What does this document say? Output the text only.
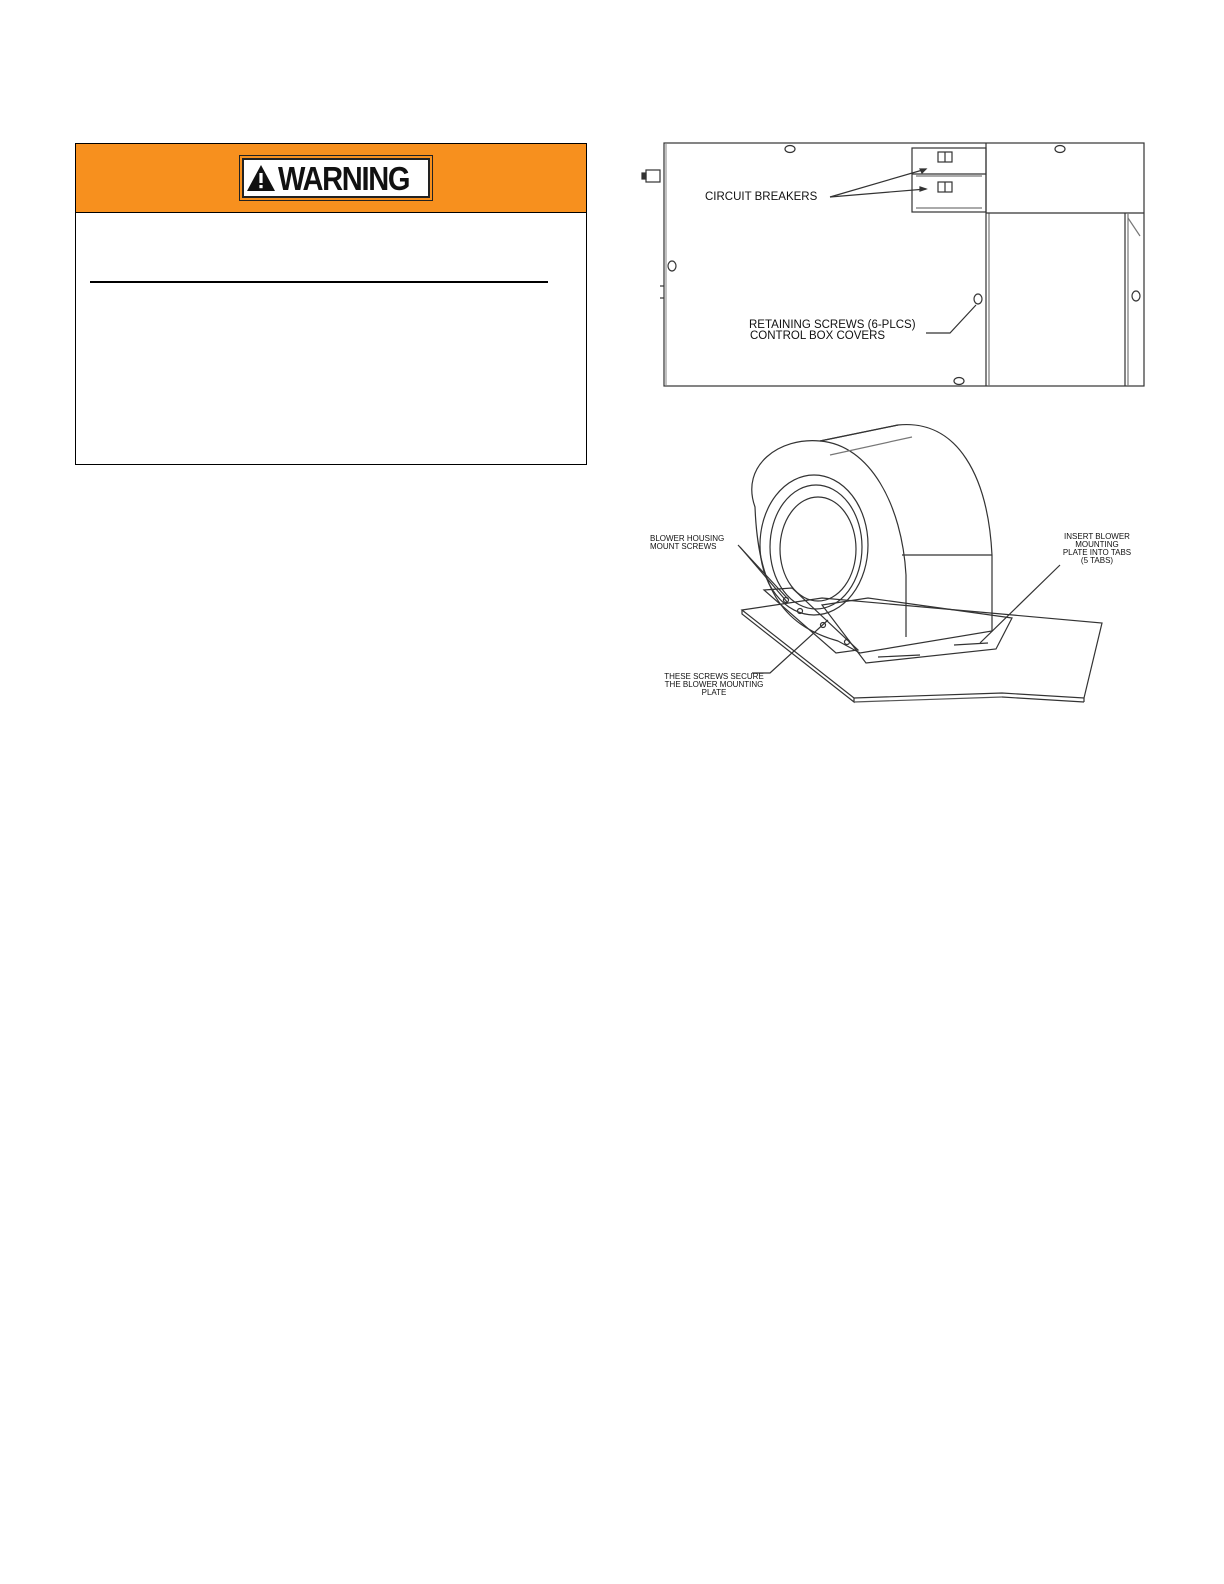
WARNING
CIRCUIT BREAKERS
RETAINING SCREWS (6-PLCS)
CONTROL BOX COVERS
BLOWER HOUSING
MOUNT SCREWS
INSERT BLOWER
MOUNTING
PLATE INTO TABS
(5 TABS)
THESE SCREWS SECURE
THE BLOWER MOUNTING
PLATE
